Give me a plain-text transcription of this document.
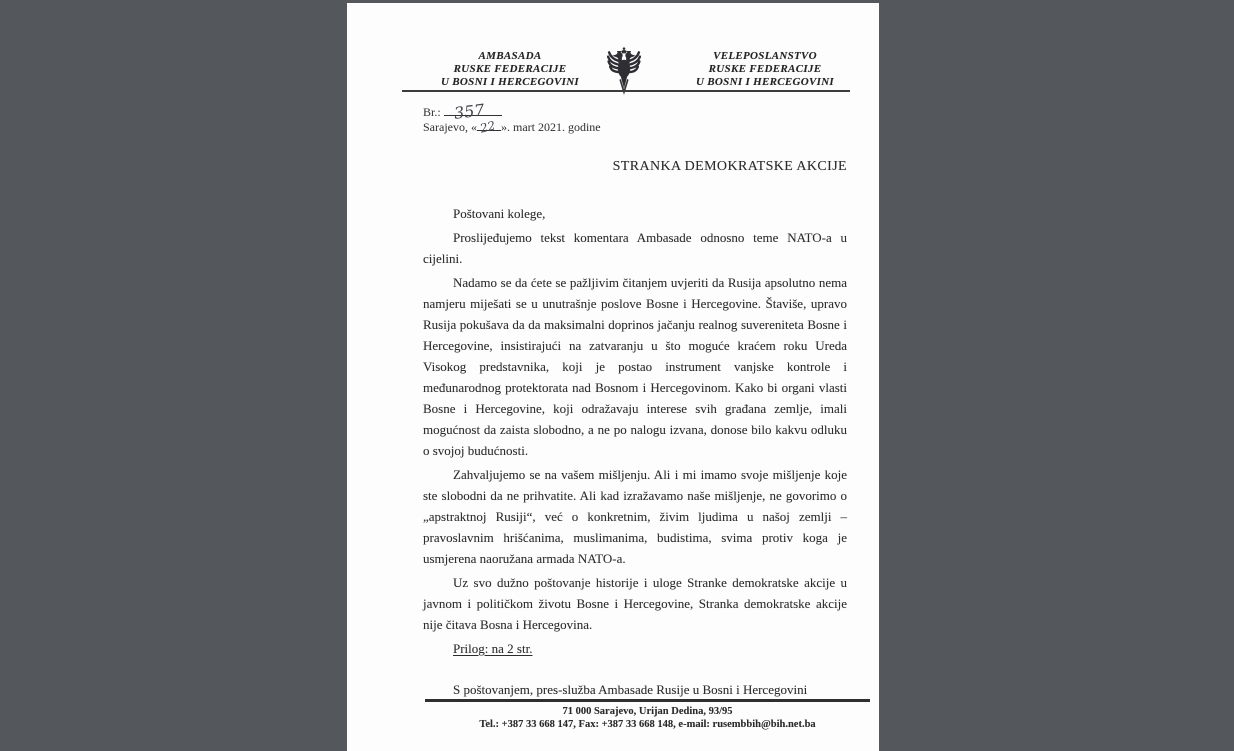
AMBASADA
RUSKE FEDERACIJE
U BOSNI I HERCEGOVINI
VELEPOSLANSTVO
RUSKE FEDERACIJE
U BOSNI I HERCEGOVINI
Br.: 357
Sarajevo, « 22 ». mart 2021. godine
STRANKA DEMOKRATSKE AKCIJE

Poštovani kolege,

Proslijeđujemo tekst komentara Ambasade odnosno teme NATO-a u cijelini.

Nadamo se da ćete se pažljivim čitanjem uvjeriti da Rusija apsolutno nema namjeru miješati se u unutrašnje poslove Bosne i Hercegovine. Štaviše, upravo Rusija pokušava da da maksimalni doprinos jačanju realnog suvereniteta Bosne i Hercegovine, insistirajući na zatvaranju u što moguće kraćem roku Ureda Visokog predstavnika, koji je postao instrument vanjske kontrole i međunarodnog protektorata nad Bosnom i Hercegovinom. Kako bi organi vlasti Bosne i Hercegovine, koji odražavaju interese svih građana zemlje, imali mogućnost da zaista slobodno, a ne po nalogu izvana, donose bilo kakvu odluku o svojoj budućnosti.

Zahvaljujemo se na vašem mišljenju. Ali i mi imamo svoje mišljenje koje ste slobodni da ne prihvatite. Ali kad izražavamo naše mišljenje, ne govorimo o „apstraktnoj Rusiji“, već o konkretnim, živim ljudima u našoj zemlji – pravoslavnim hrišćanima, muslimanima, budistima, svima protiv koga je usmjerena naoružana armada NATO-a.

Uz svo dužno poštovanje historije i uloge Stranke demokratske akcije u javnom i političkom životu Bosne i Hercegovine, Stranka demokratske akcije nije čitava Bosna i Hercegovina.

Prilog: na 2 str.

S poštovanjem, pres-služba Ambasade Rusije u Bosni i Hercegovini

71 000 Sarajevo, Urijan Dedina, 93/95
Tel.: +387 33 668 147, Fax: +387 33 668 148, e-mail: rusembbih@bih.net.ba
